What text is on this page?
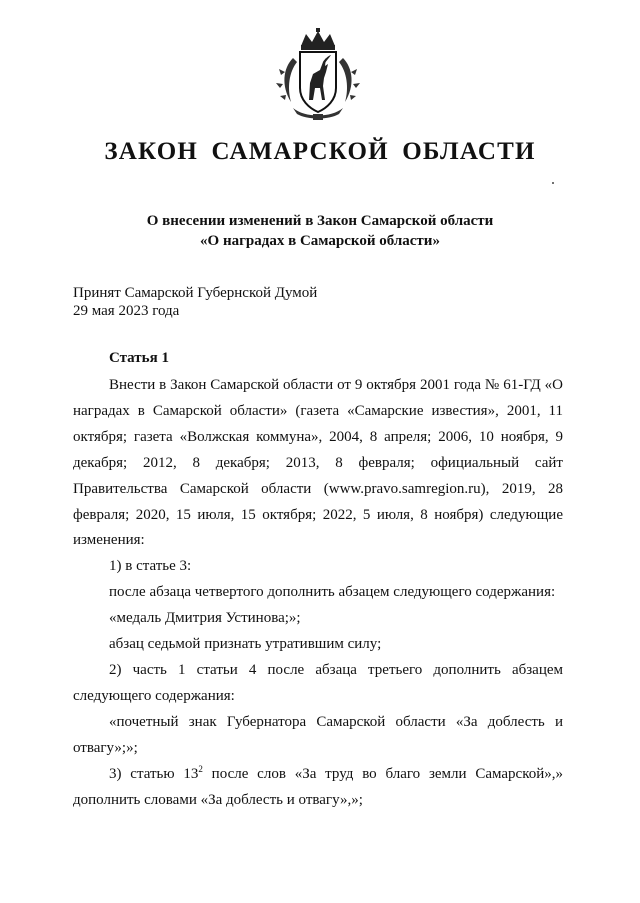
ЗАКОН САМАРСКОЙ ОБЛАСТИ
О внесении изменений в Закон Самарской области
«О наградах в Самарской области»
Принят Самарской Губернской Думой
29 мая 2023 года
Статья 1

Внести в Закон Самарской области от 9 октября 2001 года № 61-ГД «О наградах в Самарской области» (газета «Самарские известия», 2001, 11 октября; газета «Волжская коммуна», 2004, 8 апреля; 2006, 10 ноября, 9 декабря; 2012, 8 декабря; 2013, 8 февраля; официальный сайт Правительства Самарской области (www.pravo.samregion.ru), 2019, 28 февраля; 2020, 15 июля, 15 октября; 2022, 5 июля, 8 ноября) следующие изменения:

1) в статье 3:

после абзаца четвертого дополнить абзацем следующего содержания:

«медаль Дмитрия Устинова;»;

абзац седьмой признать утратившим силу;

2) часть 1 статьи 4 после абзаца третьего дополнить абзацем следующего содержания:

«почетный знак Губернатора Самарской области «За доблесть и отвагу»;»;

3) статью $13^2$ после слов «За труд во благо земли Самарской»,» дополнить словами «За доблесть и отвагу»,»;
